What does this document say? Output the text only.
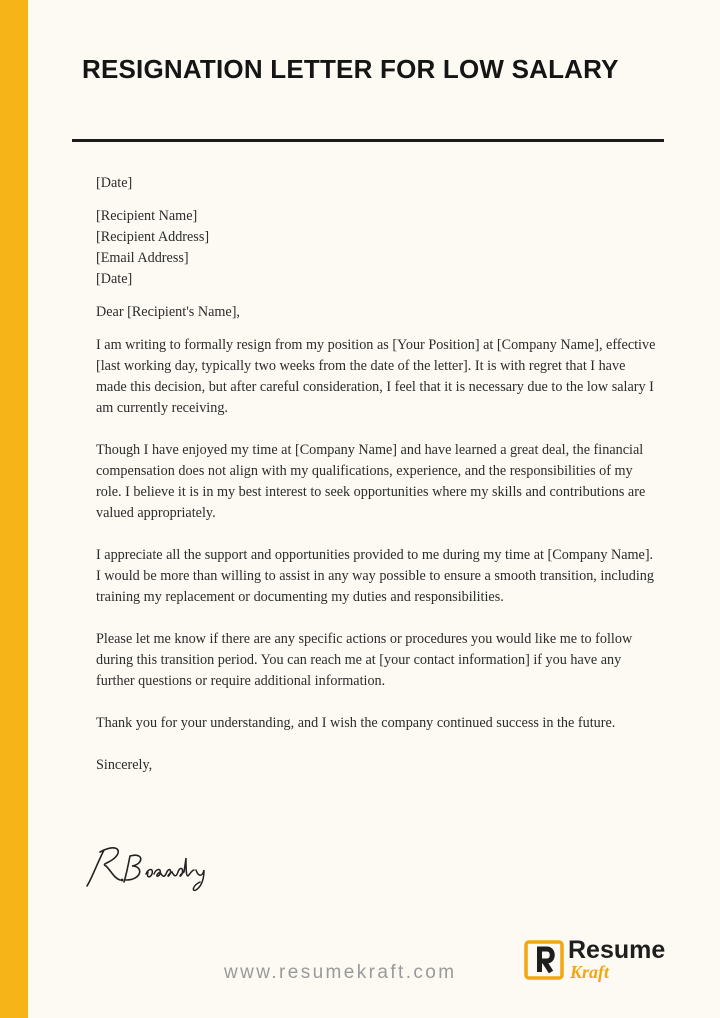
RESIGNATION LETTER FOR LOW SALARY

[Date]

[Recipient Name]
[Recipient Address]
[Email Address]
[Date]

Dear [Recipient's Name],

I am writing to formally resign from my position as [Your Position] at [Company Name], effective [last working day, typically two weeks from the date of the letter]. It is with regret that I have made this decision, but after careful consideration, I feel that it is necessary due to the low salary I am currently receiving.

Though I have enjoyed my time at [Company Name] and have learned a great deal, the financial compensation does not align with my qualifications, experience, and the responsibilities of my role. I believe it is in my best interest to seek opportunities where my skills and contributions are valued appropriately.

I appreciate all the support and opportunities provided to me during my time at [Company Name]. I would be more than willing to assist in any way possible to ensure a smooth transition, including training my replacement or documenting my duties and responsibilities.

Please let me know if there are any specific actions or procedures you would like me to follow during this transition period. You can reach me at [your contact information] if you have any further questions or require additional information.

Thank you for your understanding, and I wish the company continued success in the future.

Sincerely,

www.resumekraft.com
Resume
Kraft
